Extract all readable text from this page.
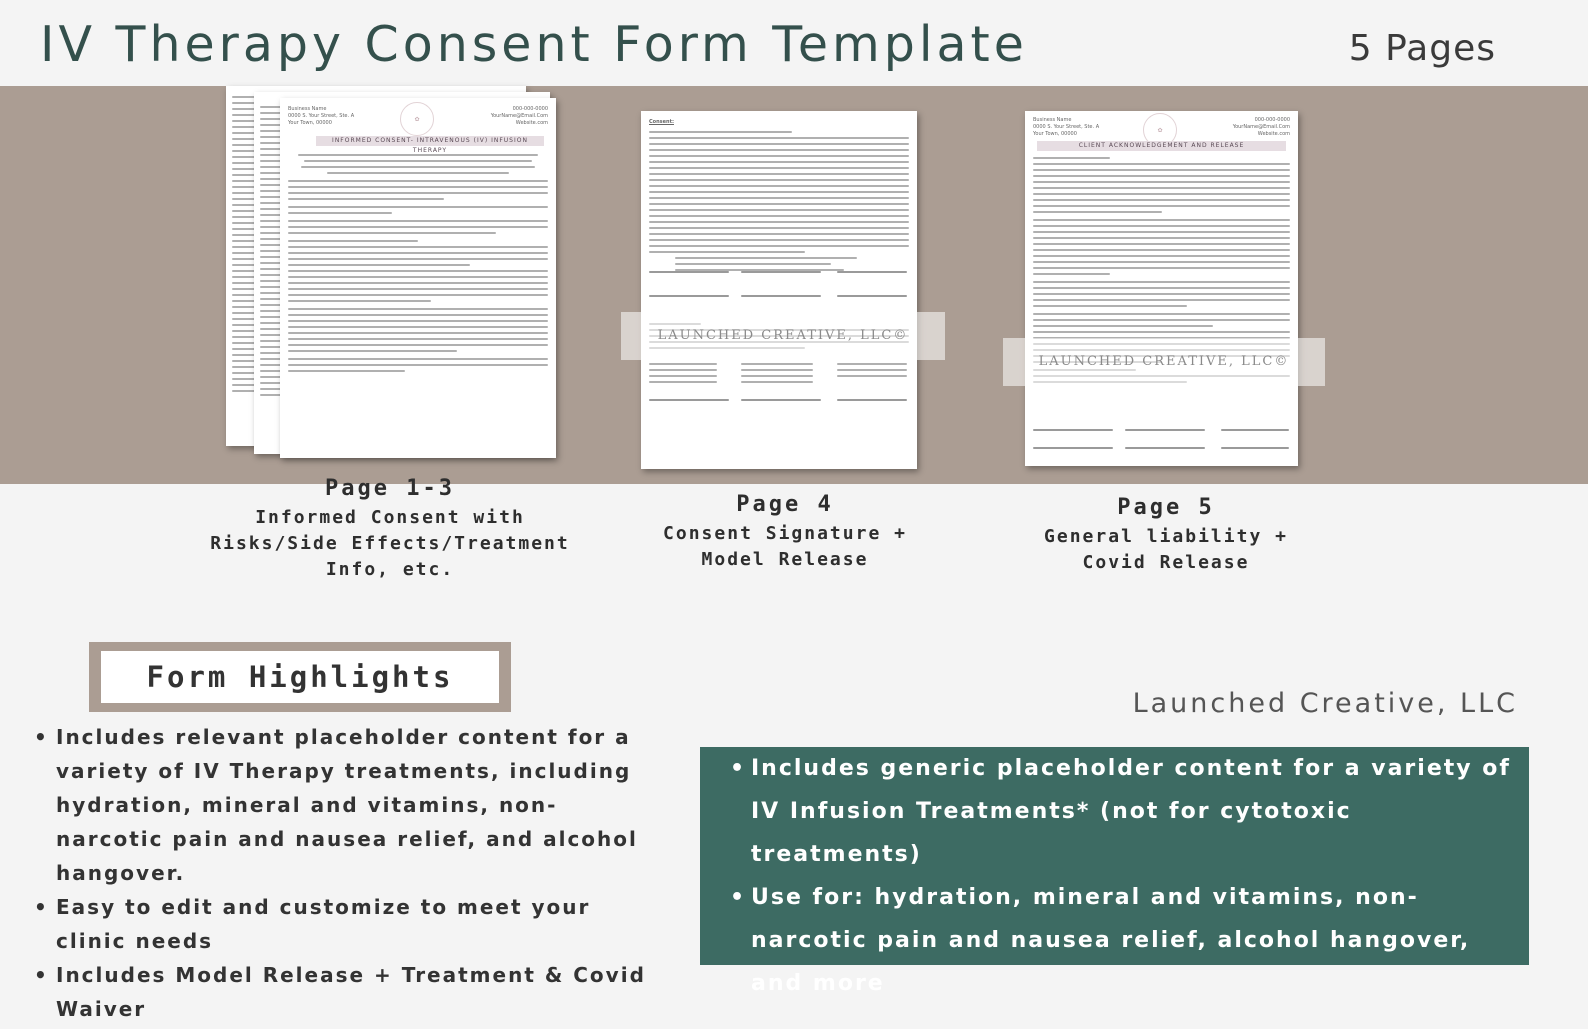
IV Therapy Consent Form Template	5 Pages
Business Name
0000 S. Your Street, Ste. A
Your Town, 00000
✿
000-000-0000
YourName@Email.Com
Website.com
INFORMED CONSENT- INTRAVENOUS (IV) INFUSION THERAPY
Consent:	Business Name
0000 S. Your Street, Ste. A
Your Town, 00000
✿
000-000-0000
YourName@Email.Com
Website.com
CLIENT ACKNOWLEDGEMENT AND RELEASE
LAUNCHED CREATIVE, LLC©
LAUNCHED CREATIVE, LLC©
Page 1-3
Informed Consent with Risks/Side Effects/Treatment Info, etc.
Page 4
Consent Signature + Model Release
Page 5
General liability + Covid Release
Form Highlights
Launched Creative, LLC
• Includes relevant placeholder content for a variety of IV Therapy treatments, including hydration, mineral and vitamins, non-narcotic pain and nausea relief, and alcohol hangover.
• Easy to edit and customize to meet your clinic needs
• Includes Model Release + Treatment & Covid Waiver
• Includes generic placeholder content for a variety of IV Infusion Treatments* (not for cytotoxic treatments)
• Use for: hydration, mineral and vitamins, non-narcotic pain and nausea relief, alcohol hangover, and more
